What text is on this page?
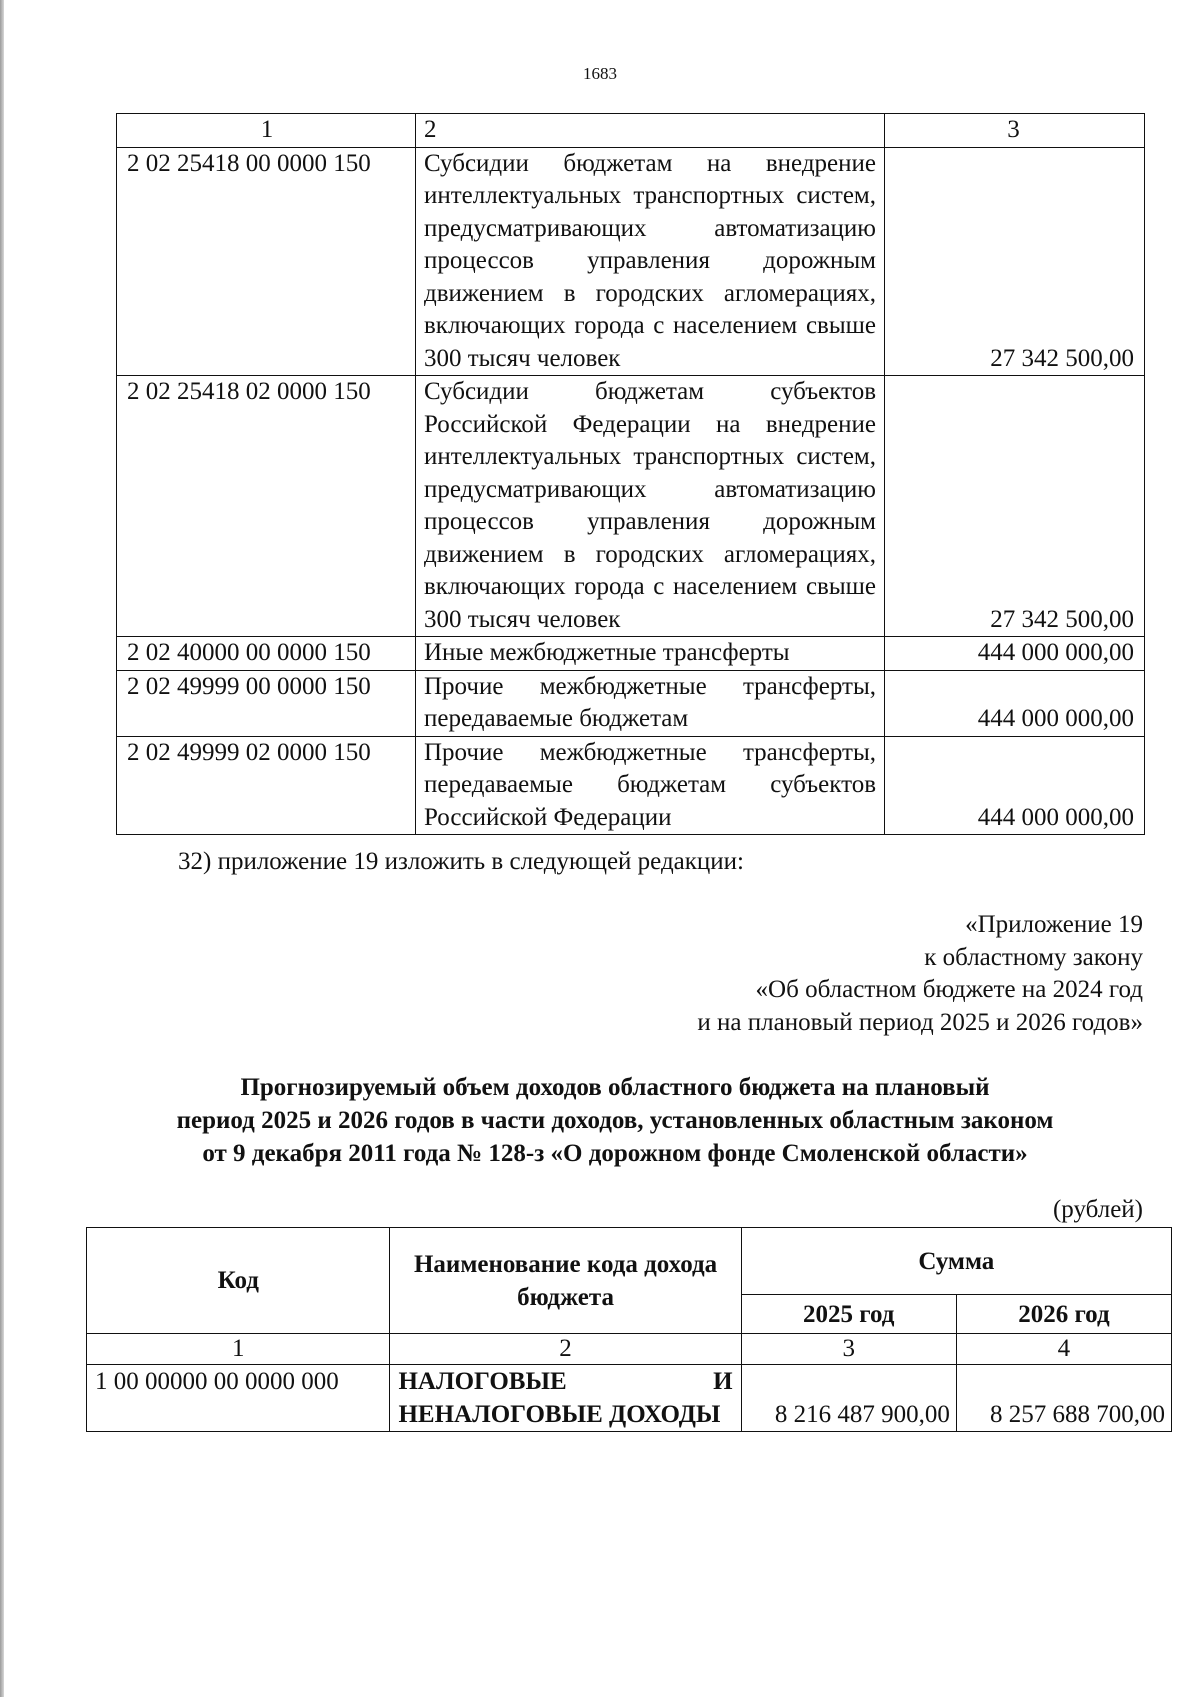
1683
1	2	3
2 02 25418 00 0000 150	Субсидии бюджетам на внедрение интеллектуальных транспортных систем, предусматривающих автоматизацию процессов управления дорожным движением в городских агломерациях, включающих города с населением свыше 300 тысяч человек	27 342 500,00
2 02 25418 02 0000 150	Субсидии бюджетам субъектов Российской Федерации на внедрение интеллектуальных транспортных систем, предусматривающих автоматизацию процессов управления дорожным движением в городских агломерациях, включающих города с населением свыше 300 тысяч человек	27 342 500,00
2 02 40000 00 0000 150	Иные межбюджетные трансферты	444 000 000,00
2 02 49999 00 0000 150	Прочие межбюджетные трансферты, передаваемые бюджетам	444 000 000,00
2 02 49999 02 0000 150	Прочие межбюджетные трансферты, передаваемые бюджетам субъектов Российской Федерации	444 000 000,00
32) приложение 19 изложить в следующей редакции:
«Приложение 19
к областному закону
«Об областном бюджете на 2024 год
и на плановый период 2025 и 2026 годов»
Прогнозируемый объем доходов областного бюджета на плановый
период 2025 и 2026 годов в части доходов, установленных областным законом
от 9 декабря 2011 года № 128-з «О дорожном фонде Смоленской области»
(рублей)
Код	Наименование кода дохода бюджета	Сумма	
		2025 год	2026 год
1	2	3	4
1 00 00000 00 0000 000	НАЛОГОВЫЕ И НЕНАЛОГОВЫЕ ДОХОДЫ	8 216 487 900,00	8 257 688 700,00
